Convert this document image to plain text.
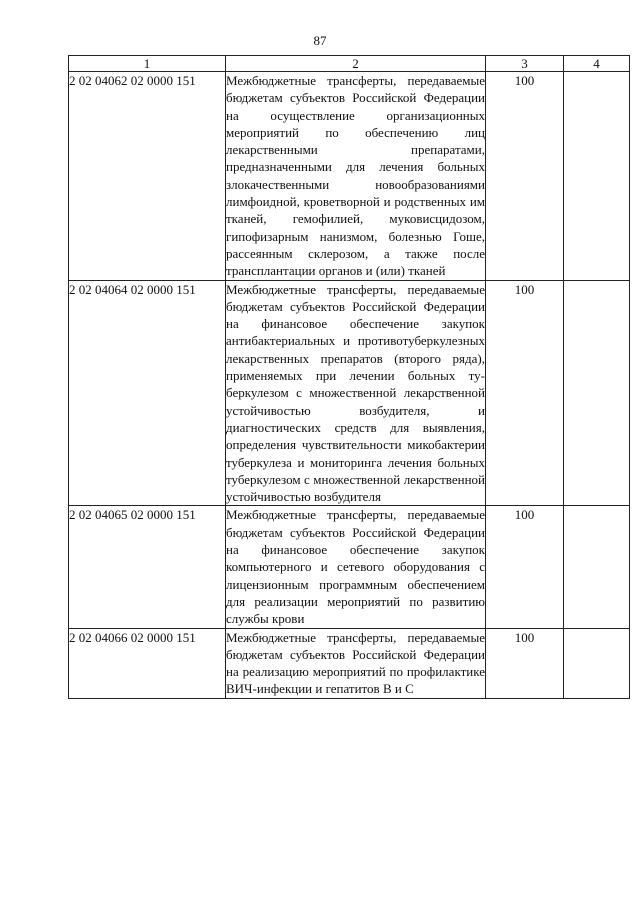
87
1	2	3	4
2 02 04062 02 0000 151	Межбюджетные трансферты, передаваемые бюджетам субъектов Российской Федерации на осуществление организационных мероприятий по обеспечению лиц лекарственными препаратами, предназначенными для лечения больных злокачественными новообразованиями лимфоидной, кроветворной и родственных им тканей, гемофилией, муковисцидозом, гипофизарным нанизмом, болезнью Гоше, рассеянным склерозом, а также после трансплантации органов и (или) тканей	100	
2 02 04064 02 0000 151	Межбюджетные трансферты, передаваемые бюджетам субъектов Российской Федерации на финансовое обеспечение закупок антибактериальных и противотуберкулезных лекарственных препаратов (второго ряда), применяемых при лечении больных туберкулезом с множественной лекарственной устойчивостью возбудителя, и диагностических средств для выявления, определения чувствительности микобактерии туберкулеза и мониторинга лечения больных туберкулезом с множественной лекарственной устойчивостью возбудителя	100	
2 02 04065 02 0000 151	Межбюджетные трансферты, передаваемые бюджетам субъектов Российской Федерации на финансовое обеспечение закупок компьютерного и сетевого оборудования с лицензионным программным обеспечением для реализации мероприятий по развитию службы крови	100	
2 02 04066 02 0000 151	Межбюджетные трансферты, передаваемые бюджетам субъектов Российской Федерации на реализацию мероприятий по профилактике ВИЧ-инфекции и гепатитов В и С	100	
